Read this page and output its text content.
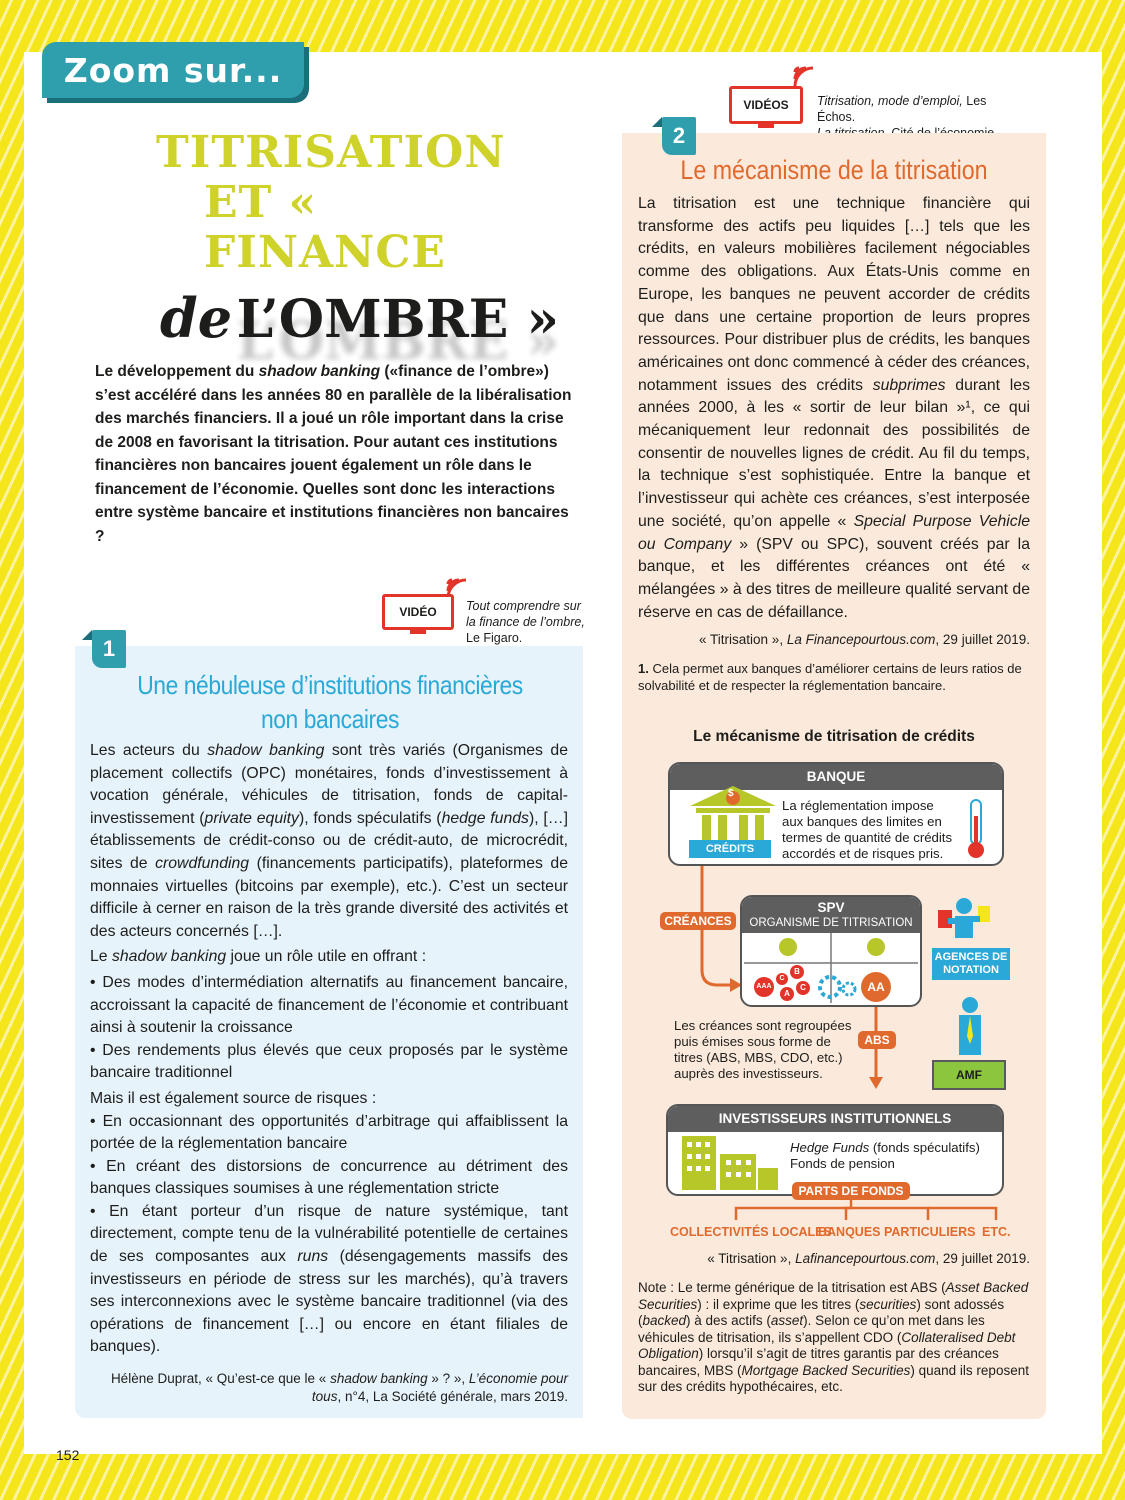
Zoom sur...
TITRISATION
ET « FINANCE
de L’OMBRE »
Le développement du shadow banking («finance de l’ombre») s’est accéléré dans les années 80 en parallèle de la libéralisation des marchés financiers. Il a joué un rôle important dans la crise de 2008 en favorisant la titrisation. Pour autant ces institutions financières non bancaires jouent également un rôle dans le financement de l’économie. Quelles sont donc les interactions entre système bancaire et institutions financières non bancaires ?
VIDÉO	Tout comprendre sur la finance de l’ombre, Le Figaro.
VIDÉOS	Titrisation, mode d’emploi, Les Échos.
1
Une nébuleuse d’institutions financières
non bancaires

Les acteurs du shadow banking sont très variés (Organismes de placement collectifs (OPC) monétaires, fonds d’investissement à vocation générale, véhicules de titrisation, fonds de capital-investissement (private equity), fonds spéculatifs (hedge funds), […] établissements de crédit-conso ou de crédit-auto, de microcrédit, sites de crowdfunding (financements participatifs), plateformes de monnaies virtuelles (bitcoins par exemple), etc.). C’est un secteur difficile à cerner en raison de la très grande diversité des activités et des acteurs concernés […].

Le shadow banking joue un rôle utile en offrant :

• Des modes d’intermédiation alternatifs au financement bancaire, accroissant la capacité de financement de l’économie et contribuant ainsi à soutenir la croissance

• Des rendements plus élevés que ceux proposés par le système bancaire traditionnel

Mais il est également source de risques :

• En occasionnant des opportunités d’arbitrage qui affaiblissent la portée de la réglementation bancaire

• En créant des distorsions de concurrence au détriment des banques classiques soumises à une réglementation stricte

• En étant porteur d’un risque de nature systémique, tant directement, compte tenu de la vulnérabilité potentielle de certaines de ses composantes aux runs (désengagements massifs des investisseurs en période de stress sur les marchés), qu’à travers ses interconnexions avec le système bancaire traditionnel (via des opérations de financement […] ou encore en étant filiales de banques).

Hélène Duprat, « Qu’est-ce que le « shadow banking » ? », L’économie pour tous, n°4, La Société générale, mars 2019.
2
Le mécanisme de la titrisation
La titrisation est une technique financière qui transforme des actifs peu liquides […] tels que les crédits, en valeurs mobilières facilement négociables comme des obligations. Aux États-Unis comme en Europe, les banques ne peuvent accorder de crédits que dans une certaine proportion de leurs propres ressources. Pour distribuer plus de crédits, les banques américaines ont donc commencé à céder des créances, notamment issues des crédits subprimes durant les années 2000, à les « sortir de leur bilan »¹, ce qui mécaniquement leur redonnait des possibilités de consentir de nouvelles lignes de crédit. Au fil du temps, la technique s’est sophistiquée. Entre la banque et l’investisseur qui achète ces créances, s’est interposée une société, qu’on appelle « Special Purpose Vehicle ou Company » (SPV ou SPC), souvent créés par la banque, et les différentes créances ont été « mélangées » à des titres de meilleure qualité servant de réserve en cas de défaillance.
« Titrisation », La Financepourtous.com, 29 juillet 2019.
1. Cela permet aux banques d’améliorer certains de leurs ratios de solvabilité et de respecter la réglementation bancaire.
Le mécanisme de titrisation de crédits
BANQUE
$
CRÉDITS
La réglementation impose aux banques des limites en termes de quantité de crédits accordés et de risques pris.
CRÉANCES
SPV
ORGANISME DE TITRISATION
AAA
B
C
A
C	AA
AGENCES DE NOTATION
Les créances sont regroupées puis émises sous forme de titres (ABS, MBS, CDO, etc.) auprès des investisseurs.
ABS
AMF
INVESTISSEURS INSTITUTIONNELS
Hedge Funds (fonds spéculatifs)
Fonds de pension
PARTS DE FONDS
COLLECTIVITÉS LOCALES
BANQUES PARTICULIERS ETC.
« Titrisation », Lafinancepourtous.com, 29 juillet 2019.
Note : Le terme générique de la titrisation est ABS (Asset Backed Securities) : il exprime que les titres (securities) sont adossés (backed) à des actifs (asset). Selon ce qu’on met dans les véhicules de titrisation, ils s’appellent CDO (Collateralised Debt Obligation) lorsqu’il s’agit de titres garantis par des créances bancaires, MBS (Mortgage Backed Securities) quand ils reposent sur des crédits hypothécaires, etc.
152
